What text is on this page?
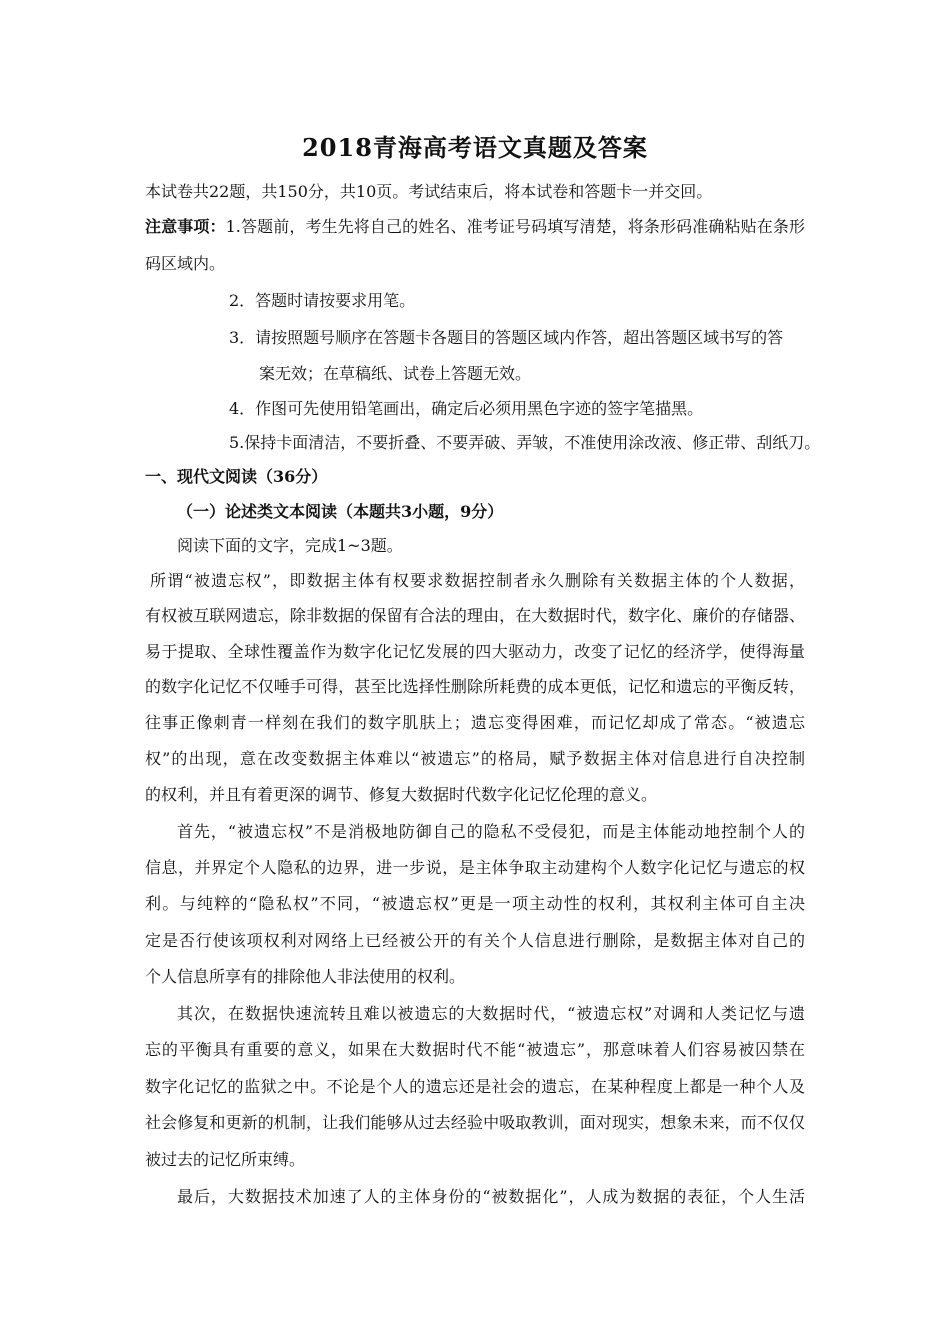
2018青海高考语文真题及答案
本试卷共22题，共150分，共10页。考试结束后，将本试卷和答题卡一并交回。
注意事项：1.答题前，考生先将自己的姓名、准考证号码填写清楚，将条形码准确粘贴在条形
码区域内。
2．答题时请按要求用笔。
3．请按照题号顺序在答题卡各题目的答题区域内作答，超出答题区域书写的答
案无效；在草稿纸、试卷上答题无效。
4．作图可先使用铅笔画出，确定后必须用黑色字迹的签字笔描黑。
5.保持卡面清洁，不要折叠、不要弄破、弄皱，不准使用涂改液、修正带、刮纸刀。
一、现代文阅读（36分）
（一）论述类文本阅读（本题共3小题，9分）
阅读下面的文字，完成1~3题。
所谓“被遗忘权”，即数据主体有权要求数据控制者永久删除有关数据主体的个人数据，
有权被互联网遗忘，除非数据的保留有合法的理由，在大数据时代，数字化、廉价的存储器、
易于提取、全球性覆盖作为数字化记忆发展的四大驱动力，改变了记忆的经济学，使得海量
的数字化记忆不仅唾手可得，甚至比选择性删除所耗费的成本更低，记忆和遗忘的平衡反转，
往事正像刺青一样刻在我们的数字肌肤上；遗忘变得困难，而记忆却成了常态。“被遗忘
权”的出现，意在改变数据主体难以“被遗忘”的格局，赋予数据主体对信息进行自决控制
的权利，并且有着更深的调节、修复大数据时代数字化记忆伦理的意义。
首先，“被遗忘权”不是消极地防御自己的隐私不受侵犯，而是主体能动地控制个人的
信息，并界定个人隐私的边界，进一步说，是主体争取主动建构个人数字化记忆与遗忘的权
利。与纯粹的“隐私权”不同，“被遗忘权”更是一项主动性的权利，其权利主体可自主决
定是否行使该项权利对网络上已经被公开的有关个人信息进行删除，是数据主体对自己的
个人信息所享有的排除他人非法使用的权利。
其次，在数据快速流转且难以被遗忘的大数据时代，“被遗忘权”对调和人类记忆与遗
忘的平衡具有重要的意义，如果在大数据时代不能“被遗忘”，那意味着人们容易被囚禁在
数字化记忆的监狱之中。不论是个人的遗忘还是社会的遗忘，在某种程度上都是一种个人及
社会修复和更新的机制，让我们能够从过去经验中吸取教训，面对现实，想象未来，而不仅仅
被过去的记忆所束缚。
最后，大数据技术加速了人的主体身份的“被数据化”，人成为数据的表征，个人生活
